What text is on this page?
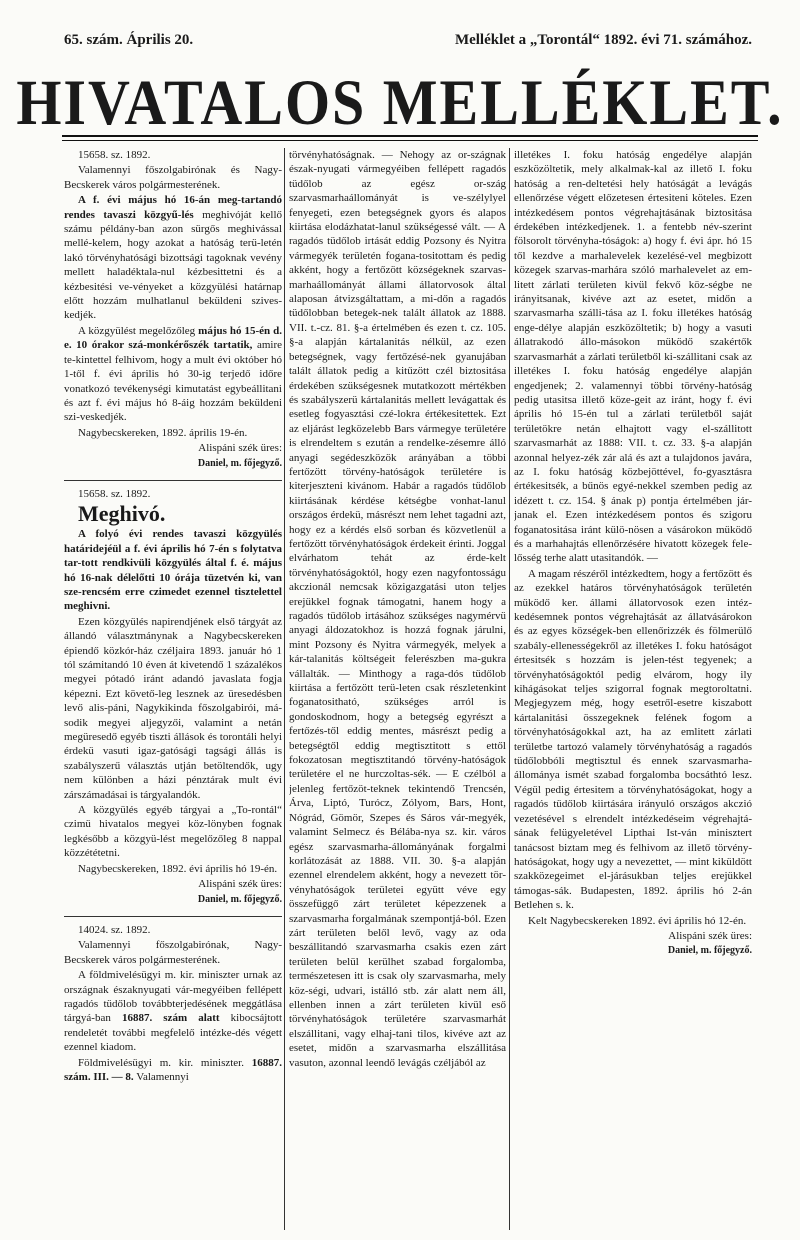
65. szám. Április 20.	Melléklet a „Torontál“ 1892. évi 71. számához.
HIVATALOS MELLÉKLET.

15658. sz. 1892.

Valamennyi főszolgabirónak és Nagy-Becskerek város polgármesterének.

A f. évi május hó 16-án meg-tartandó rendes tavaszi közgyű-lés meghivóját kellő számu példány-ban azon sürgős meghivással mellé-kelem, hogy azokat a hatóság terü-letén lakó törvényhatósági bizottsági tagoknak vevény mellett haladéktala-nul kézbesittetni és a kézbesitési ve-vényeket a közgyülési határnap előtt hozzám mulhatlanul beküldeni szives-kedjék.

A közgyülést megelőzőleg május hó 15-én d. e. 10 órakor szá-monkérőszék tartatik, amire te-kintettel felhivom, hogy a mult évi október hó 1-től f. évi április hó 30-ig terjedő időre vonatkozó tevékenységi kimutatást egybeállitani és azt f. évi május hó 8-áig hozzám beküldeni szi-veskedjék.

Nagybecskereken, 1892. április 19-én.

Alispáni szék üres:

Daniel, m. főjegyző.

15658. sz. 1892.

Meghivó.

A folyó évi rendes tavaszi közgyülés határidejéül a f. évi április hó 7-én s folytatva tar-tott rendkivüli közgyülés által f. é. május hó 16-nak délelőtti 10 órája tüzetvén ki, van sze-rencsém erre czimedet ezennel tisztelettel meghivni.

Ezen közgyülés napirendjének első tárgyát az állandó választmánynak a Nagybecskereken épiendő közkór-ház czéljaira 1893. január hó 1 tól számitandó 10 éven át kivetendő 1 százalékos megyei pótadó iránt adandó javaslata fogja képezni. Ezt követő-leg lesznek az üresedésben levő alis-páni, Nagykikinda főszolgabirói, má-sodik megyei aljegyzői, valamint a netán megüresedő egyéb tiszti állások és torontáli helyi érdekü vasuti igaz-gatósági tagsági állás is szabályszerű választás utján betöltendők, ugy nem különben a házi pénztárak mult évi zárszámadásai is tárgyalandók.

A közgyülés egyéb tárgyai a „To-rontál“ czimü hivatalos megyei köz-lönyben fognak legkésőbb a közgyü-lést megelőzőleg 8 nappal közzététetni.

Nagybecskereken, 1892. évi április hó 19-én.

Alispáni szék üres:

Daniel, m. főjegyző.

14024. sz. 1892.

Valamennyi főszolgabirónak, Nagy-Becskerek város polgármesterének.

A földmivelésügyi m. kir. miniszter urnak az országnak északnyugati vár-megyéiben fellépett ragadós tüdőlob továbbterjedésének meggátlása tárgyá-ban 16887. szám alatt kibocsájtott rendeletét további megfelelő intézke-dés végett ezennel kiadom.

Földmivelésügyi m. kir. miniszter. 16887. szám. III. — 8. Valamennyi

törvényhatóságnak. — Nehogy az or-szágnak észak-nyugati vármegyéiben fellépett ragadós tüdőlob az egész or-szág szarvasmarhaállományát is ve-szélylyel fenyegeti, ezen betegségnek gyors és alapos kiirtása elodázhatat-lanul szükségessé vált. — A ragadós tüdőlob irtását eddig Pozsony és Nyitra vármegyék területén fogana-tositottam és pedig akként, hogy a fertőzött községeknek szarvas-marhaállományát állami állatorvosok által alaposan átvizsgáltattam, a mi-dőn a ragadós tüdőlobban betegek-nek talált állatok az 1888. VII. t.-cz. 81. §-a értelmében és ezen t. cz. 105. §-a alapján kártalanitás nélkül, az ezen betegségnek, vagy fertőzésé-nek gyanujában talált állatok pedig a kitűzött czél biztositása érdekében szükségesnek mutatkozott mértékben és szabályszerü kártalanitás mellett levágattak és esetleg fogyasztási czé-lokra értékesitettek. Ezt az eljárást legközelebb Bars vármegye területére is elrendeltem s ezután a rendelke-zésemre álló anyagi segédeszközök arányában a többi fertőzött törvény-hatóságok területére is kiterjeszteni kivánom. Habár a ragadós tüdőlob kiirtásának kérdése kétségbe vonhat-lanul országos érdekü, másrészt nem lehet tagadni azt, hogy ez a kérdés első sorban és közvetlenül a fertőzött törvényhatóságok érdekeit érinti. Joggal elvárhatom tehát az érde-kelt törvényhatóságoktól, hogy ezen nagyfontosságu akczionál nemcsak közigazgatási uton teljes erejükkel fognak támogatni, hanem hogy a ragadós tüdőlob irtásához szükséges nagymérvü anyagi áldozatokhoz is hozzá fognak járulni, mint Pozsony és Nyitra vármegyék, melyek a kár-talanitás költségeit felerészben ma-gukra vállalták. — Minthogy a raga-dós tüdőlob kiirtása a fertőzött terü-leten csak részletenkint foganatositható, szükséges arról is gondoskodnom, hogy a betegség egyrészt a fertőzés-től eddig mentes, másrészt pedig a betegségtől eddig megtisztitott s ettől fokozatosan megtisztitandó törvény-hatóságok területére el ne hurczoltas-sék. — E czélból a jelenleg fertőzöt-teknek tekintendő Trencsén, Árva, Liptó, Turócz, Zólyom, Bars, Hont, Nógrád, Gömör, Szepes és Sáros vár-megyék, valamint Selmecz és Bélába-nya sz. kir. város egész szarvasmarha-állományának forgalmi korlátozását az 1888. VII. 30. §-a alapján ezennel elrendelem akként, hogy a nevezett tör-vényhatóságok területei együtt véve egy összefüggő zárt területet képezzenek a szarvasmarha forgalmának szempontjá-ból. Ezen zárt területen belől levő, vagy az oda beszállitandó szarvasmarha csakis ezen zárt területen belül kerülhet szabad forgalomba, természetesen itt is csak oly szarvasmarha, mely köz-ségi, udvari, istálló stb. zár alatt nem áll, ellenben innen a zárt területen kivül eső törvényhatóságok területére szarvasmarhát elszállitani, vagy elhaj-tani tilos, kivéve azt az esetet, midőn a szarvasmarha elszállitása vasuton, azonnal leendő levágás czéljából az

illetékes I. foku hatóság engedélye alapján eszközöltetik, mely alkalmak-kal az illető I. foku hatóság a ren-deltetési hely hatóságát a levágás ellenőrzése végett előzetesen értesiteni köteles. Ezen intézkedésem pontos végrehajtásának biztositása érdekében intézkedjenek. 1. a fentebb név-szerint fölsorolt törvényha-tóságok: a) hogy f. évi ápr. hó 15 től kezdve a marhalevelek kezelésé-vel megbizott közegek szarvas-marhára szóló marhalevelet az em-litett zárlati területen kivül fekvő köz-ségbe ne irányitsanak, kivéve azt az esetet, midőn a szarvasmarha szálli-tása az I. foku illetékes hatóság enge-délye alapján eszközöltetik; b) hogy a vasuti állatrakodó állo-másokon müködő szakértők szarvasmarhát a zárlati területből ki-szállitani csak az illetékes I. foku hatóság engedélye alapján engedjenek; 2. valamennyi többi törvény-hatóság pedig utasitsa illető köze-geit az iránt, hogy f. évi április hó 15-én tul a zárlati területből saját területökre netán elhajtott vagy el-szállitott szarvasmarhát az 1888: VII. t. cz. 33. §-a alapján azonnal helyez-zék zár alá és azt a tulajdonos javára, az I. foku hatóság közbejöttével, fo-gyasztásra értékesitsék, a bűnös egyé-nekkel szemben pedig az idézett t. cz. 154. § ának p) pontja értelmében jár-janak el. Ezen intézkedésem pontos és szigoru foganatositása iránt külö-nösen a vásárokon müködő és a marhahajtás ellenőrzésére hivatott közegek fele-lősség terhe alatt utasitandók. —

A magam részéről intézkedtem, hogy a fertőzött és az ezekkel határos törvényhatóságok területén müködő ker. állami állatorvosok ezen intéz-kedésemnek pontos végrehajtását az állatvásárokon és az egyes községek-ben ellenőrizzék és fölmerülő szabály-ellenességekről az illetékes I. foku hatóságot értesitsék s hozzám is jelen-tést tegyenek; a törvényhatóságoktól pedig elvárom, hogy ily kihágásokat teljes szigorral fognak megtoroltatni. Megjegyzem még, hogy esetről-esetre kiszabott kártalanitási összegeknek felének fogom a törvényhatóságokkal azt, ha az emlitett zárlati területbe tartozó valamely törvényhatóság a ragadós tüdőlobbóli megtisztul és ennek szarvasmarha-állománya ismét szabad forgalomba bocsáthtó lesz. Végül pedig értesitem a törvényhatóságokat, hogy a ragadós tüdőlob kiirtására irányuló országos akczió vezetésével s elrendelt intézkedéseim végrehajtá-sának felügyeletével Lipthai Ist-ván minisztert tanácsost biztam meg és felhivom az illető törvény-hatóságokat, hogy ugy a nevezettet, — mint kiküldött szakközegeimet el-járásukban teljes erejükkel támogas-sák. Budapesten, 1892. április hó 2-án Betlehen s. k.

Kelt Nagybecskereken 1892. évi április hó 12-én.

Alispáni szék üres:

Daniel, m. főjegyző.
